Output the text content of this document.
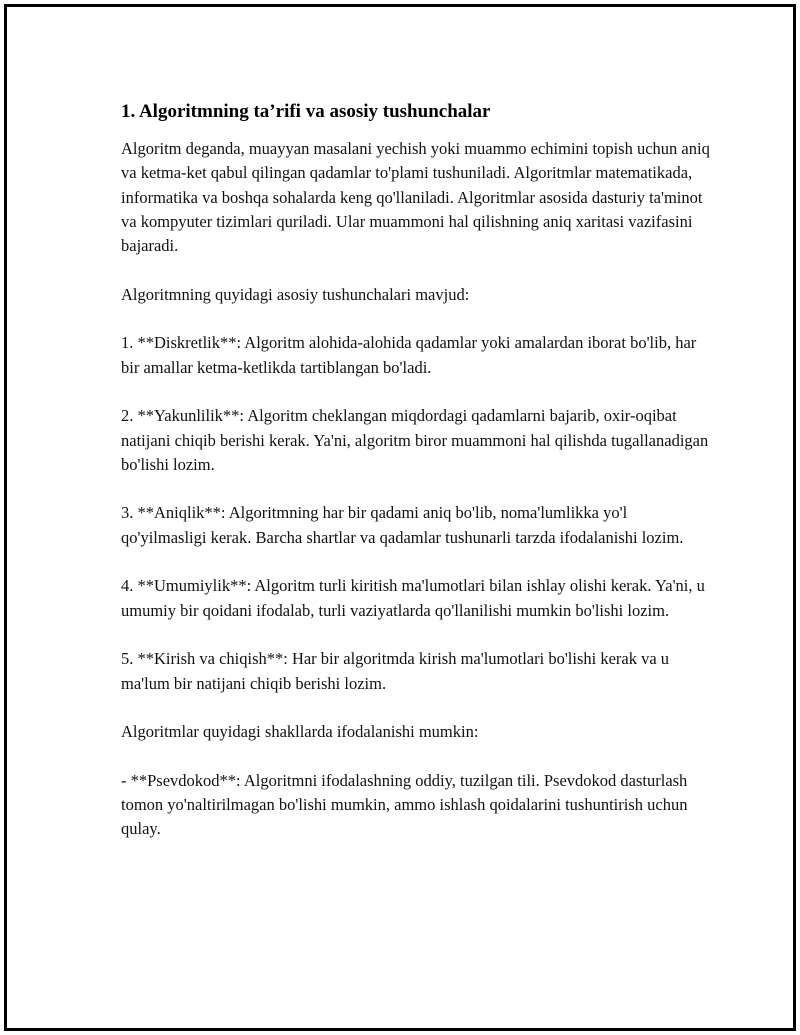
1. Algoritmning ta’rifi va asosiy tushunchalar

Algoritm deganda, muayyan masalani yechish yoki muammo echimini topish uchun aniq va ketma-ket qabul qilingan qadamlar to'plami tushuniladi. Algoritmlar matematikada, informatika va boshqa sohalarda keng qo'llaniladi. Algoritmlar asosida dasturiy ta'minot va kompyuter tizimlari quriladi. Ular muammoni hal qilishning aniq xaritasi vazifasini bajaradi.

Algoritmning quyidagi asosiy tushunchalari mavjud:

1. **Diskretlik**: Algoritm alohida-alohida qadamlar yoki amalardan iborat bo'lib, har bir amallar ketma-ketlikda tartiblangan bo'ladi.

2. **Yakunlilik**: Algoritm cheklangan miqdordagi qadamlarni bajarib, oxir-oqibat natijani chiqib berishi kerak. Ya'ni, algoritm biror muammoni hal qilishda tugallanadigan bo'lishi lozim.

3. **Aniqlik**: Algoritmning har bir qadami aniq bo'lib, noma'lumlikka yo'l qo'yilmasligi kerak. Barcha shartlar va qadamlar tushunarli tarzda ifodalanishi lozim.

4. **Umumiylik**: Algoritm turli kiritish ma'lumotlari bilan ishlay olishi kerak. Ya'ni, u umumiy bir qoidani ifodalab, turli vaziyatlarda qo'llanilishi mumkin bo'lishi lozim.

5. **Kirish va chiqish**: Har bir algoritmda kirish ma'lumotlari bo'lishi kerak va u ma'lum bir natijani chiqib berishi lozim.

Algoritmlar quyidagi shakllarda ifodalanishi mumkin:

- **Psevdokod**: Algoritmni ifodalashning oddiy, tuzilgan tili. Psevdokod dasturlash tomon yo'naltirilmagan bo'lishi mumkin, ammo ishlash qoidalarini tushuntirish uchun qulay.
